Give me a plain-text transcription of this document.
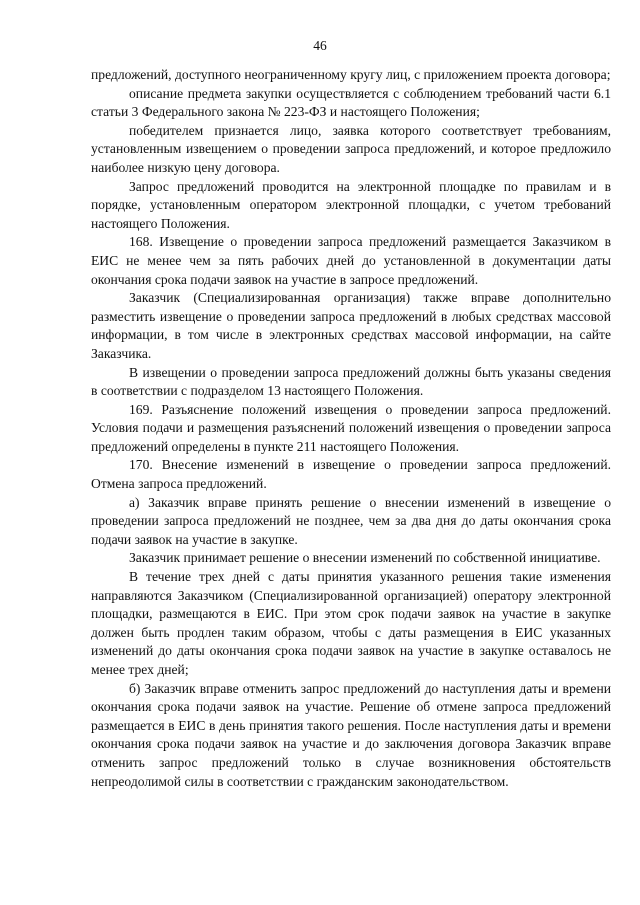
46

предложений, доступного неограниченному кругу лиц, с приложением проекта договора;

описание предмета закупки осуществляется с соблюдением требований части 6.1 статьи 3 Федерального закона № 223-ФЗ и настоящего Положения;

победителем признается лицо, заявка которого соответствует требованиям, установленным извещением о проведении запроса предложений, и которое предложило наиболее низкую цену договора.

Запрос предложений проводится на электронной площадке по правилам и в порядке, установленным оператором электронной площадки, с учетом требований настоящего Положения.

168. Извещение о проведении запроса предложений размещается Заказчиком в ЕИС не менее чем за пять рабочих дней до установленной в документации даты окончания срока подачи заявок на участие в запросе предложений.

Заказчик (Специализированная организация) также вправе дополнительно разместить извещение о проведении запроса предложений в любых средствах массовой информации, в том числе в электронных средствах массовой информации, на сайте Заказчика.

В извещении о проведении запроса предложений должны быть указаны сведения в соответствии с подразделом 13 настоящего Положения.

169. Разъяснение положений извещения о проведении запроса предложений. Условия подачи и размещения разъяснений положений извещения о проведении запроса предложений определены в пункте 211 настоящего Положения.

170. Внесение изменений в извещение о проведении запроса предложений. Отмена запроса предложений.

а) Заказчик вправе принять решение о внесении изменений в извещение о проведении запроса предложений не позднее, чем за два дня до даты окончания срока подачи заявок на участие в закупке.

Заказчик принимает решение о внесении изменений по собственной инициативе.

В течение трех дней с даты принятия указанного решения такие изменения направляются Заказчиком (Специализированной организацией) оператору электронной площадки, размещаются в ЕИС. При этом срок подачи заявок на участие в закупке должен быть продлен таким образом, чтобы с даты размещения в ЕИС указанных изменений до даты окончания срока подачи заявок на участие в закупке оставалось не менее трех дней;

б) Заказчик вправе отменить запрос предложений до наступления даты и времени окончания срока подачи заявок на участие. Решение об отмене запроса предложений размещается в ЕИС в день принятия такого решения. После наступления даты и времени окончания срока подачи заявок на участие и до заключения договора Заказчик вправе отменить запрос предложений только в случае возникновения обстоятельств непреодолимой силы в соответствии с гражданским законодательством.
